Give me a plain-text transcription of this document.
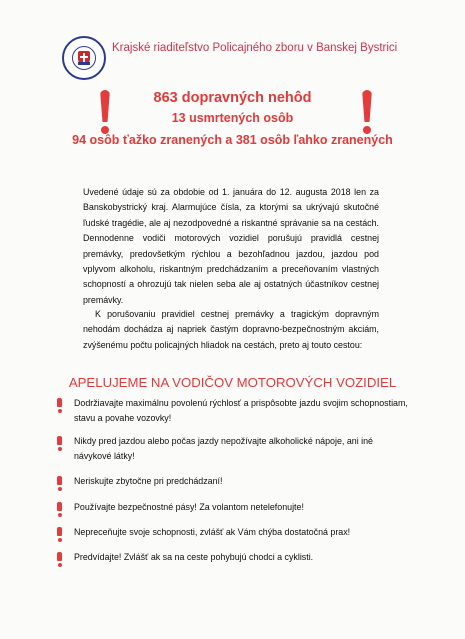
Krajské riaditeľstvo Policajného zboru v Banskej Bystrici
863 dopravných nehôd
13 usmrtených osôb
94 osôb ťažko zranených a 381 osôb ľahko zranených
Uvedené údaje sú za obdobie od 1. januára do 12. augusta 2018 len za Banskobystrický kraj. Alarmujúce čísla, za ktorými sa ukrývajú skutočné ľudské tragédie, ale aj nezodpovedné a riskantné správanie sa na cestách. Dennodenne vodiči motorových vozidiel porušujú pravidlá cestnej premávky, predovšetkým rýchlou a bezohľadnou jazdou, jazdou pod vplyvom alkoholu, riskantným predchádzaním a preceňovaním vlastných schopností a ohrozujú tak nielen seba ale aj ostatných účastníkov cestnej premávky.
K porušovaniu pravidiel cestnej premávky a tragickým dopravným nehodám dochádza aj napriek častým dopravno-bezpečnostným akciám, zvýšenému počtu policajných hliadok na cestách, preto aj touto cestou:
APELUJEME NA VODIČOV MOTOROVÝCH VOZIDIEL
Dodržiavajte maximálnu povolenú rýchlosť a prispôsobte jazdu svojim schopnostiam, stavu a povahe vozovky!
Nikdy pred jazdou alebo počas jazdy nepožívajte alkoholické nápoje, ani iné návykové látky!
Neriskujte zbytočne pri predchádzaní!
Používajte bezpečnostné pásy! Za volantom netelefonujte!
Nepreceňujte svoje schopnosti, zvlášť ak Vám chýba dostatočná prax!
Predvídajte! Zvlášť ak sa na ceste pohybujú chodci a cyklisti.
